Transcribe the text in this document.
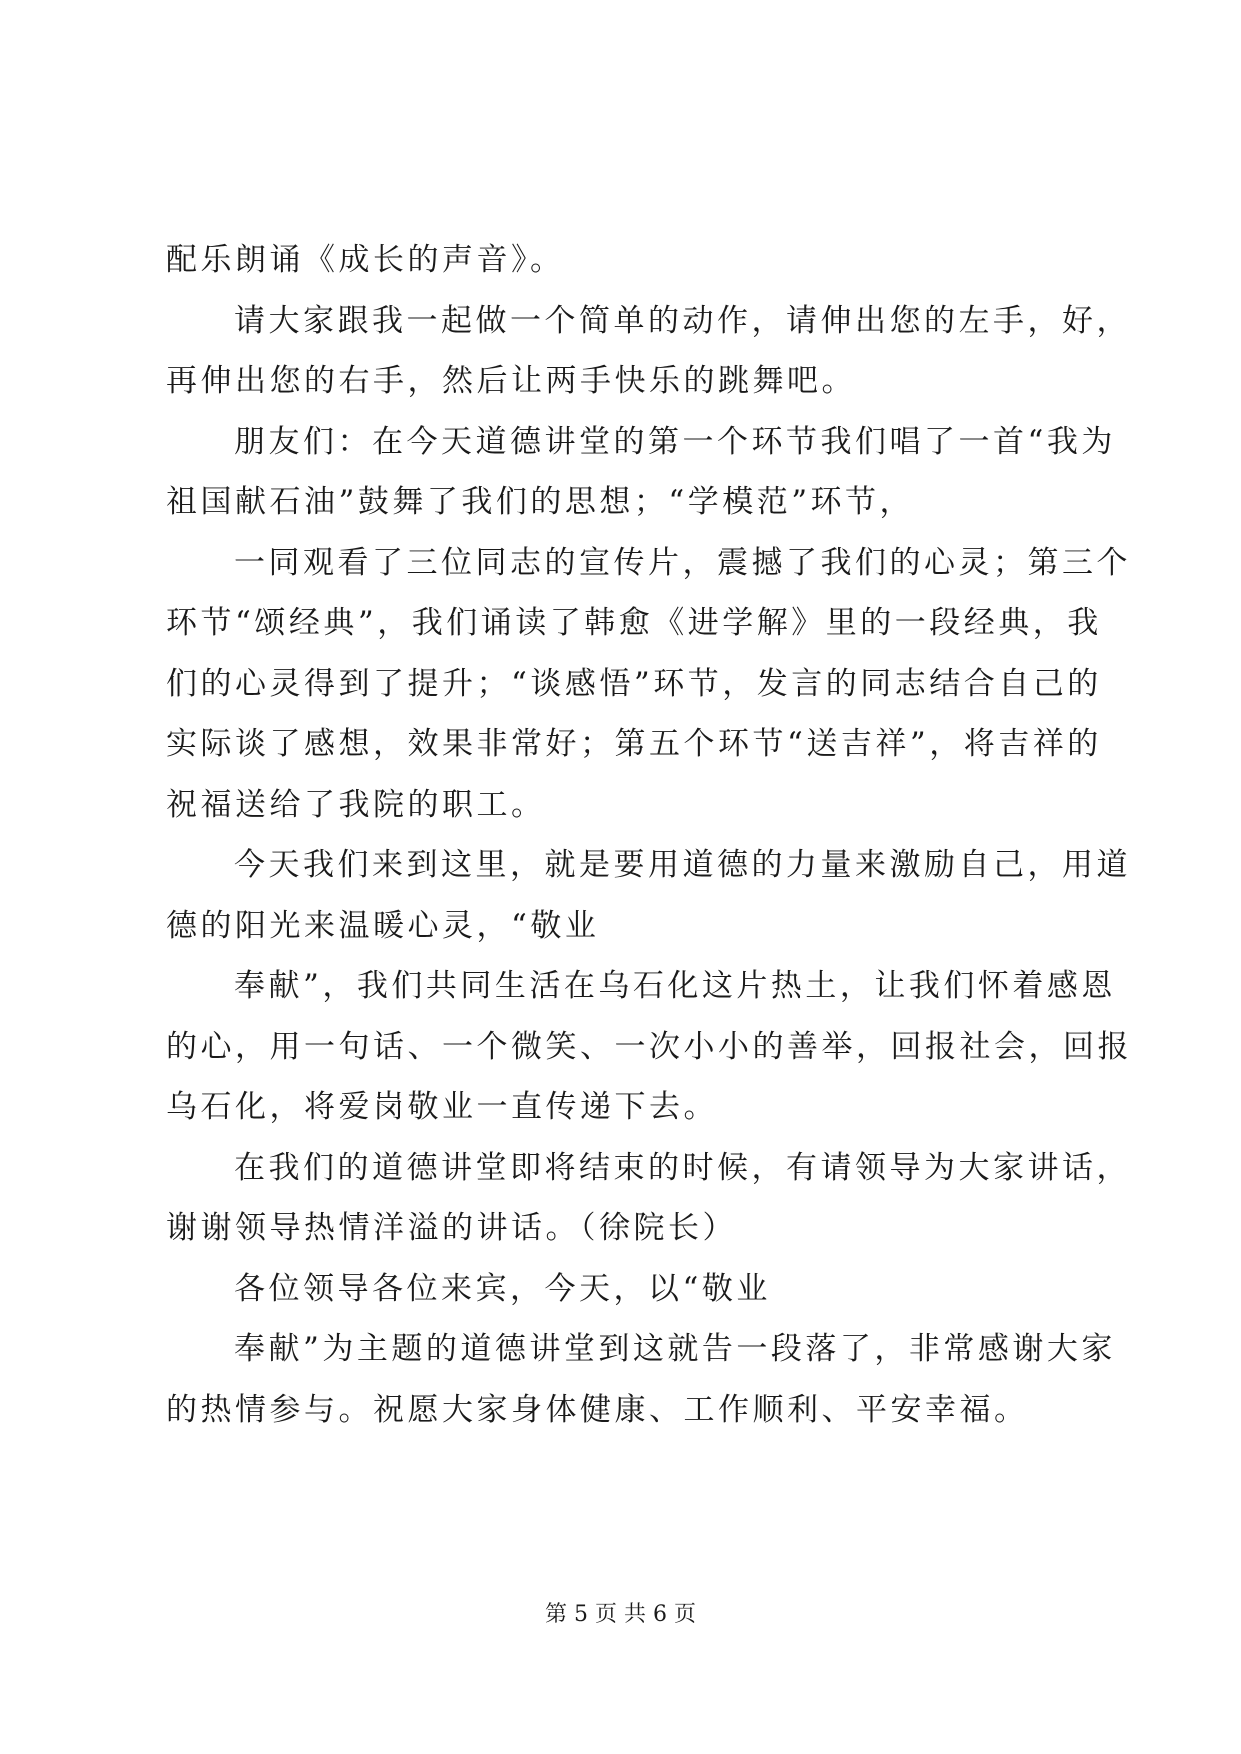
配乐朗诵《成长的声音》。
请大家跟我一起做一个简单的动作，请伸出您的左手，好，
再伸出您的右手，然后让两手快乐的跳舞吧。
朋友们：在今天道德讲堂的第一个环节我们唱了一首“我为
祖国献石油”鼓舞了我们的思想；“学模范”环节，
一同观看了三位同志的宣传片，震撼了我们的心灵；第三个
环节“颂经典”，我们诵读了韩愈《进学解》里的一段经典，我
们的心灵得到了提升；“谈感悟”环节，发言的同志结合自己的
实际谈了感想，效果非常好；第五个环节“送吉祥”，将吉祥的
祝福送给了我院的职工。
今天我们来到这里，就是要用道德的力量来激励自己，用道
德的阳光来温暖心灵，“敬业
奉献”，我们共同生活在乌石化这片热土，让我们怀着感恩
的心，用一句话、一个微笑、一次小小的善举，回报社会，回报
乌石化，将爱岗敬业一直传递下去。
在我们的道德讲堂即将结束的时候，有请领导为大家讲话，
谢谢领导热情洋溢的讲话。（徐院长）
各位领导各位来宾，今天，以“敬业
奉献”为主题的道德讲堂到这就告一段落了，非常感谢大家
的热情参与。祝愿大家身体健康、工作顺利、平安幸福。
第 5 页 共 6 页
